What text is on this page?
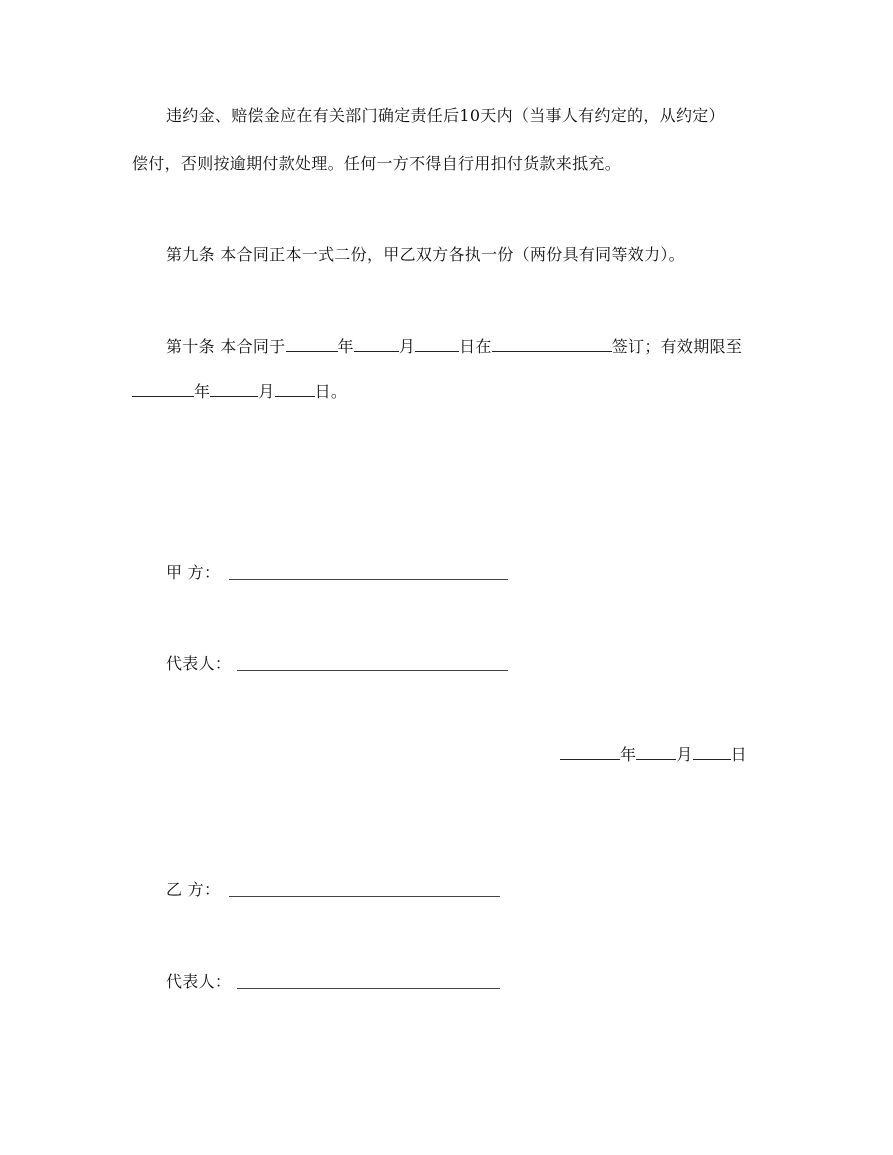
违约金、赔偿金应在有关部门确定责任后10天内（当事人有约定的，从约定）
偿付，否则按逾期付款处理。任何一方不得自行用扣付货款来抵充。
第九条 本合同正本一式二份，甲乙双方各执一份（两份具有同等效力）。
第十条 本合同于	年	月	日在	签订；有效期限至
年	月	日。
甲 方：
代表人：
年	月 日
乙 方：
代表人：
